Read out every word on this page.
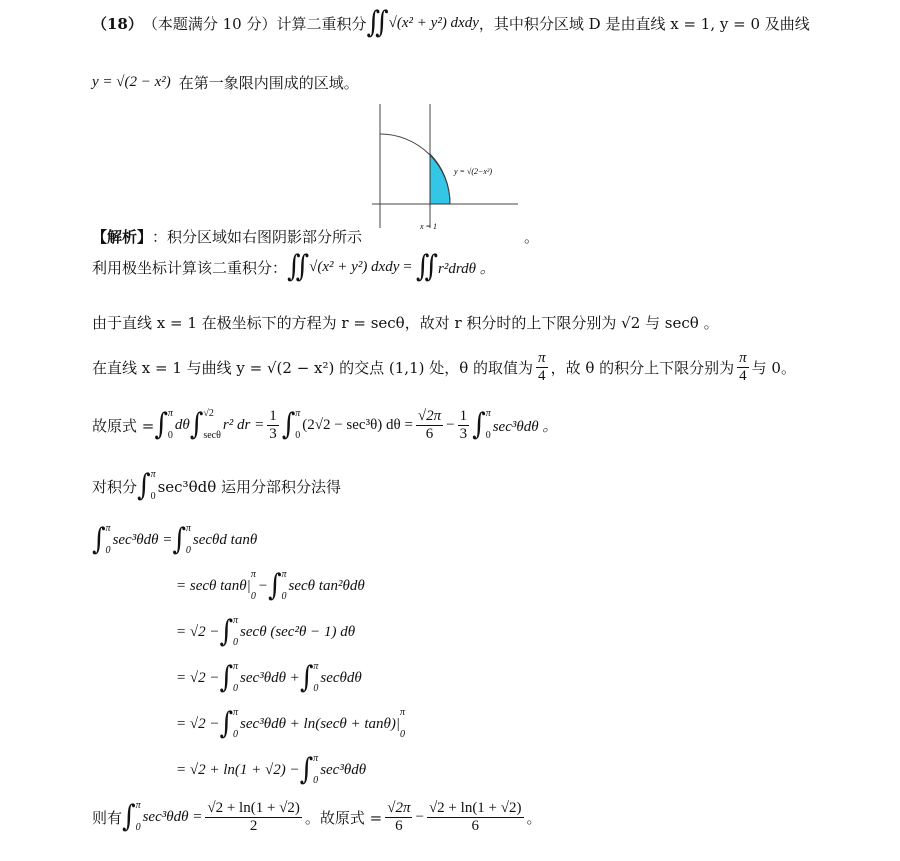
（18） （本题满分 10 分） 计算二重积分 ∬ √(x² + y²) dxdy ，其中积分区域 D 是由直线 x = 1, y = 0 及曲线
y = √(2 − x²) 在第一象限内围成的区域。
y = √(2−x²)
x = 1
【解析】 ：积分区域如右图阴影部分所示	。
利用极坐标计算该二重积分： ∬ √(x² + y²) dxdy = ∬ r²drdθ 。
由于直线 x = 1 在极坐标下的方程为 r = secθ，故对 r 积分时的上下限分别为 √2 与 secθ 。
在直线 x = 1 与曲线 y = √(2 − x²) 的交点 (1,1) 处，θ 的取值为 $\frac{\pi}{4}$ ，故 θ 的积分上下限分别为 $\frac{\pi}{4}$ 与 0。
故原式 = ∫ π
0
dθ ∫ √2
secθ
r² dr = $\frac{1}{3}$ ∫ π
0
(2√2 − sec³θ) $d\theta = \frac{√2\pi}{6} - \frac{1}{3}$ ∫ π
0
sec³θdθ 。
对积分 ∫ π
0
sec³θdθ 运用分部积分法得
∫ π
0
sec³θdθ = ∫ π
0
secθd tanθ
= secθ tanθ|
π
0
− ∫ π
0
secθ tan²θdθ
= √2 − ∫ π
0
secθ (sec²θ − 1) dθ
= √2 − ∫ π
0
sec³θdθ + ∫ π
0
secθdθ
= √2 − ∫ π
0
sec³θdθ + ln(secθ + tanθ)|
π
0
= √2 + ln(1 + √2) − ∫ π
0
sec³θdθ
则有 ∫ π
0
$\sec^3\theta d\theta = \frac{√2 + \ln(1 + √2)}{2}$ 。故原式 = $\frac{√2\pi}{6} - \frac{√2 + \ln(1 + √2)}{6}$ 。
